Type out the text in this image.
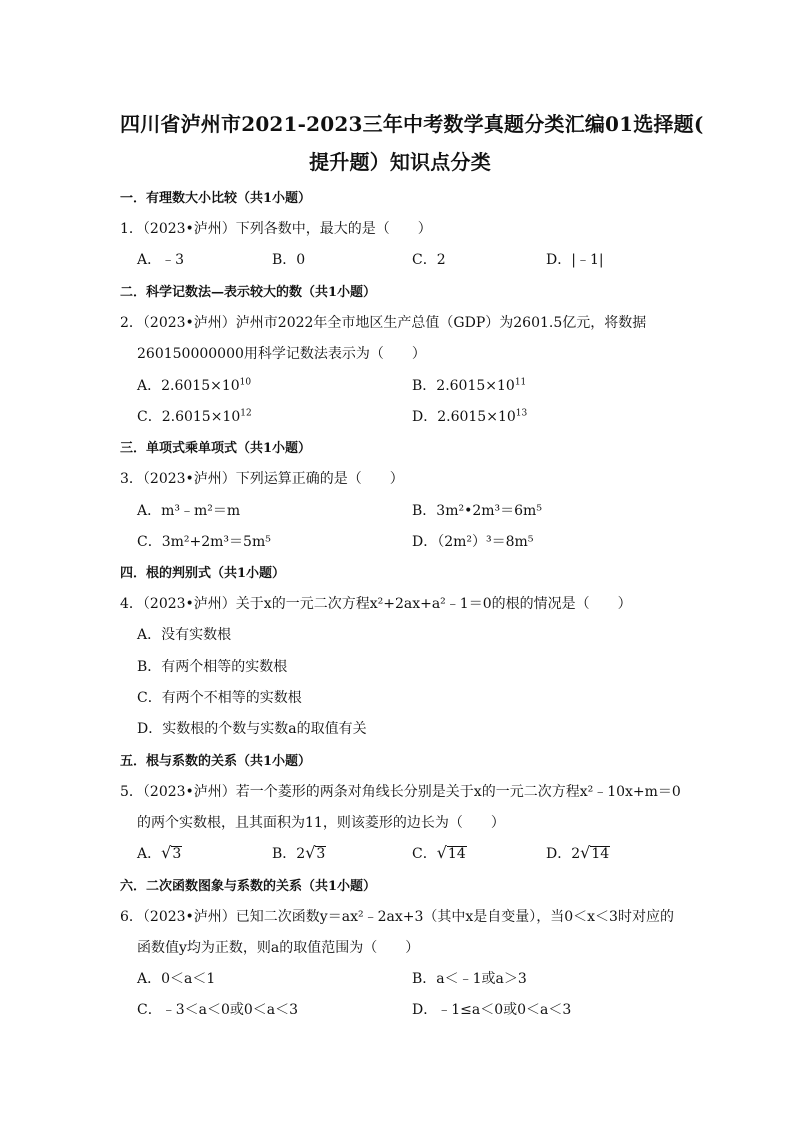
四川省泸州市2021-2023三年中考数学真题分类汇编01选择题(
提升题）知识点分类
一．有理数大小比较（共1小题）
1．（2023•泸州）下列各数中，最大的是（　　）
A．﹣3	B．0	C．2	D．|﹣1|
二．科学记数法—表示较大的数（共1小题）
2．（2023•泸州）泸州市2022年全市地区生产总值（GDP）为2601.5亿元，将数据
260150000000用科学记数法表示为（　　）
A．$2.6015\times 10^{10}$	B．$2.6015\times 10^{11}$
C．$2.6015\times 10^{12}$	D．$2.6015\times 10^{13}$
三．单项式乘单项式（共1小题）
3．（2023•泸州）下列运算正确的是（　　）
A．m³﹣m²＝m	B．3m²•2m³＝6m⁵
C．3m²+2m³＝5m⁵	D．（2m²）³＝8m⁵
四．根的判别式（共1小题）
4．（2023•泸州）关于x的一元二次方程x²+2ax+a²﹣1＝0的根的情况是（　　）
A．没有实数根
B．有两个相等的实数根
C．有两个不相等的实数根
D．实数根的个数与实数a的取值有关
五．根与系数的关系（共1小题）
5．（2023•泸州）若一个菱形的两条对角线长分别是关于x的一元二次方程x²﹣10x+m＝0
的两个实数根，且其面积为11，则该菱形的边长为（　　）
A．√3	B．2√3	C．√14	D．2√14
六．二次函数图象与系数的关系（共1小题）
6．（2023•泸州）已知二次函数y＝ax²﹣2ax+3（其中x是自变量），当0＜x＜3时对应的
函数值y均为正数，则a的取值范围为（　　）
A．0＜a＜1	B．a＜﹣1或a＞3
C．﹣3＜a＜0或0＜a＜3	D．﹣1≤a＜0或0＜a＜3
